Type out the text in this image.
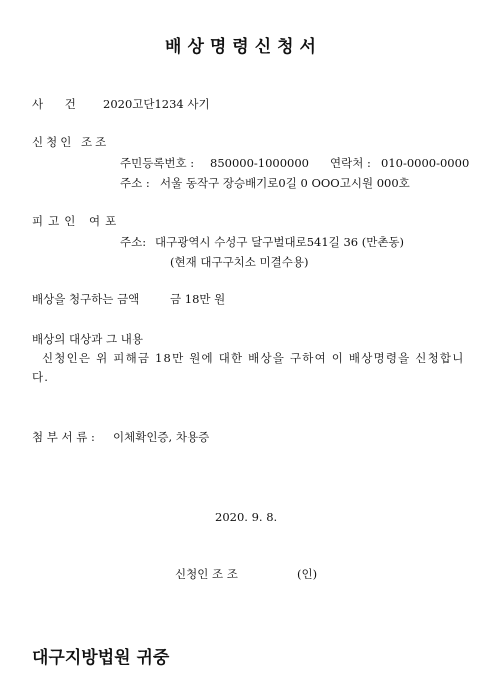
배상명령신청서
사 건 2020고단1234 사기
신청인 조조
주민등록번호 : 850000-1000000 연락처 : 010-0000-0000
주소 : 서울 동작구 장승배기로0길 0 OOO고시원 000호
피고인 여포
주소: 대구광역시 수성구 달구벌대로541길 36 (만촌동)
(현재 대구구치소 미결수용)
배상을 청구하는 금액	금 18만 원
배상의 대상과 그 내용
신청인은 위 피해금 18만 원에 대한 배상을 구하여 이 배상명령을 신청합니다.
첨 부 서 류 : 이체확인증, 차용증
2020. 9. 8.
신청인 조 조	(인)
대구지방법원 귀중
